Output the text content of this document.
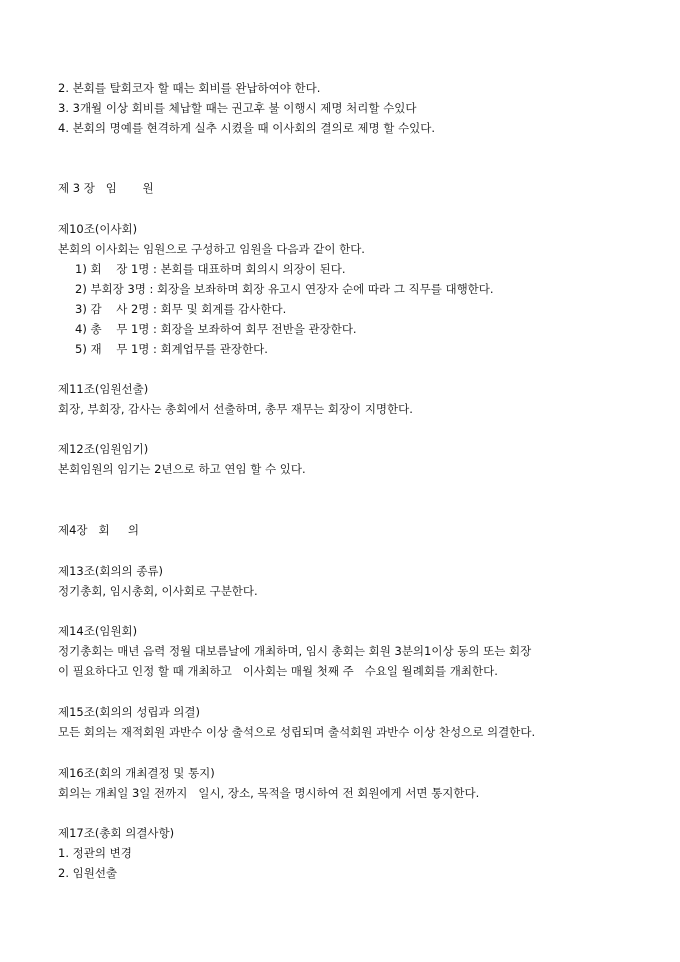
2. 본회를 탈회코자 할 때는 회비를 완납하여야 한다.
3. 3개월 이상 회비를 체납할 때는 권고후 불 이행시 제명 처리할 수있다
4. 본회의 명예를 현격하게 실추 시켰을 때 이사회의 결의로 제명 할 수있다.
제 3 장   임       원
제10조(이사회)
본회의 이사회는 임원으로 구성하고 임원을 다음과 같이 한다.
1) 회    장 1명 : 본회를 대표하며 회의시 의장이 된다.
2) 부회장 3명 : 회장을 보좌하며 회장 유고시 연장자 순에 따라 그 직무를 대행한다.
3) 감    사 2명 : 회무 및 회계를 감사한다.
4) 총    무 1명 : 회장을 보좌하여 회무 전반을 관장한다.
5) 재    무 1명 : 회계업무를 관장한다.
제11조(임원선출)
회장, 부회장, 감사는 총회에서 선출하며, 총무 재무는 회장이 지명한다.
제12조(임원임기)
본회임원의 임기는 2년으로 하고 연임 할 수 있다.
제4장   회     의
제13조(회의의 종류)
정기총회, 임시총회, 이사회로 구분한다.
제14조(임원회)
정기총회는 매년 음력 정월 대보름날에 개최하며, 임시 총회는 회원 3분의1이상 동의 또는 회장
이 필요하다고 인정 할 때 개최하고   이사회는 매월 첫째 주   수요일 월례회를 개최한다.
제15조(회의의 성립과 의결)
모든 회의는 재적회원 과반수 이상 출석으로 성립되며 출석회원 과반수 이상 찬성으로 의결한다.
제16조(회의 개최결정 및 통지)
회의는 개최일 3일 전까지   일시, 장소, 목적을 명시하여 전 회원에게 서면 통지한다.
제17조(총회 의결사항)
1. 정관의 변경
2. 임원선출
